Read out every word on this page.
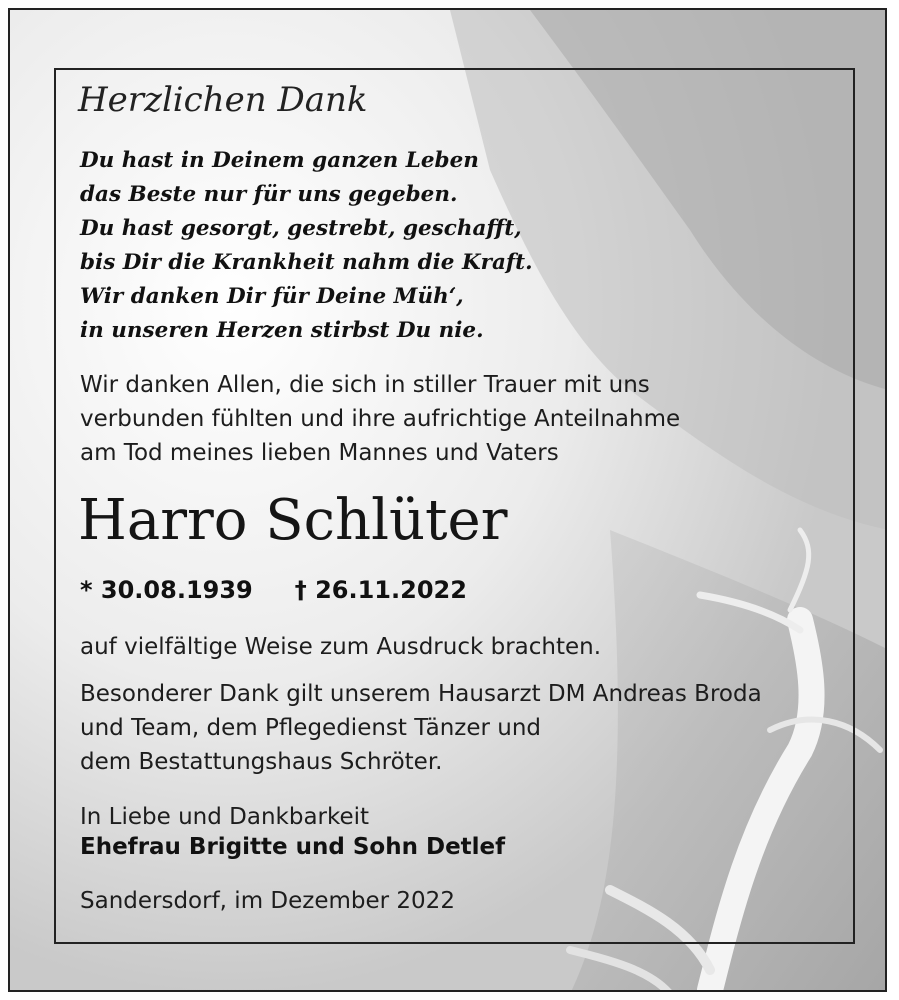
Herzlichen Dank
Du hast in Deinem ganzen Leben
das Beste nur für uns gegeben.
Du hast gesorgt, gestrebt, geschafft,
bis Dir die Krankheit nahm die Kraft.
Wir danken Dir für Deine Müh‘,
in unseren Herzen stirbst Du nie.
Wir danken Allen, die sich in stiller Trauer mit uns
verbunden fühlten und ihre aufrichtige Anteilnahme
am Tod meines lieben Mannes und Vaters
Harro Schlüter
* 30.08.1939 † 26.11.2022
auf vielfältige Weise zum Ausdruck brachten.
Besonderer Dank gilt unserem Hausarzt DM Andreas Broda
und Team, dem Pflegedienst Tänzer und
dem Bestattungshaus Schröter.
In Liebe und Dankbarkeit
Ehefrau Brigitte und Sohn Detlef
Sandersdorf, im Dezember 2022
